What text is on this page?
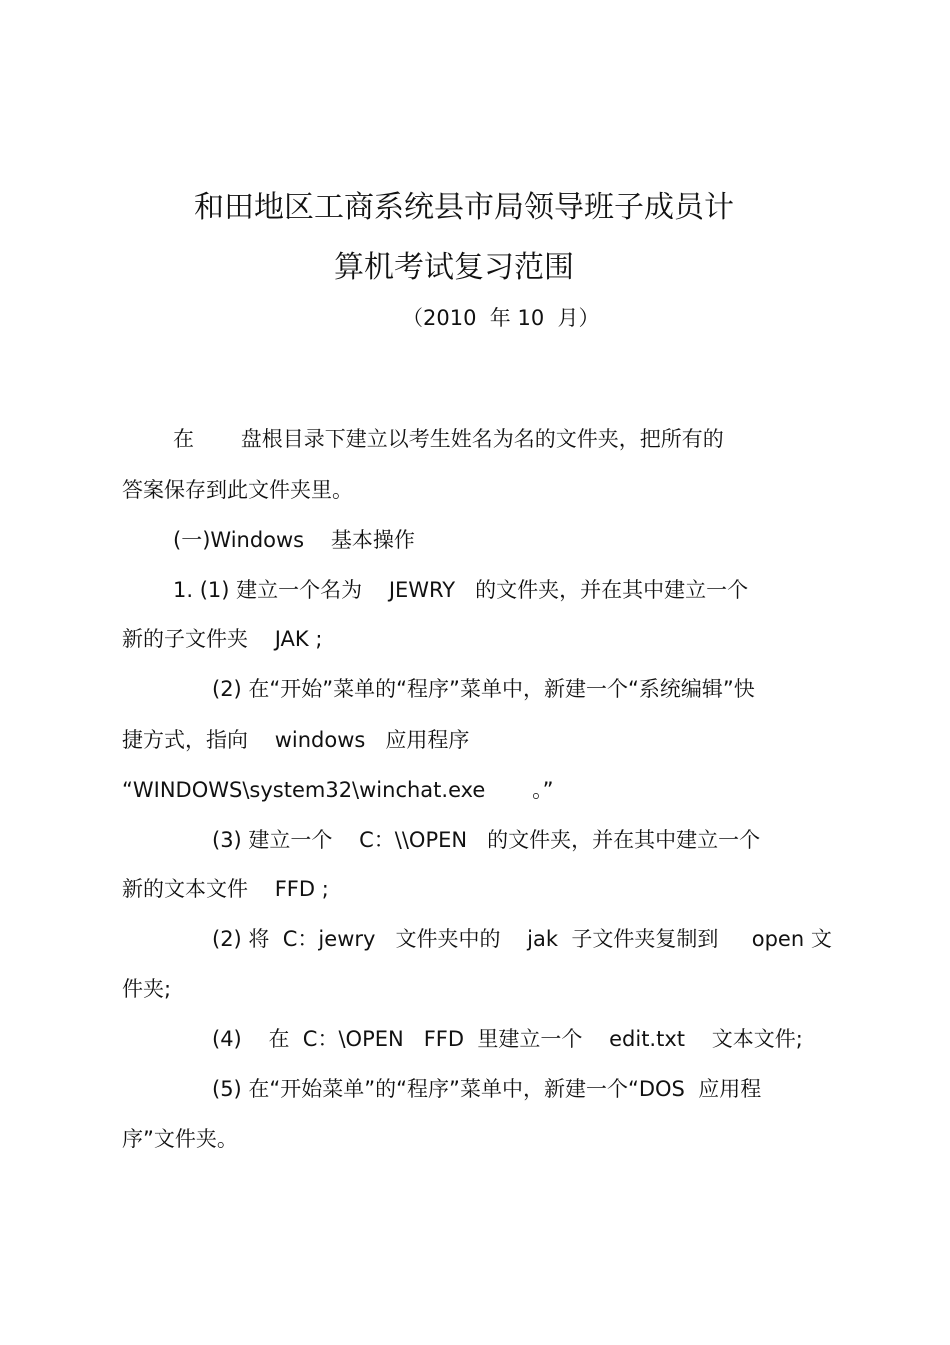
和田地区工商系统县市局领导班子成员计
算机考试复习范围
（2010  年 10  月）
在       盘根目录下建立以考生姓名为名的文件夹，把所有的
答案保存到此文件夹里。
(一)Windows    基本操作
1. (1) 建立一个名为    JEWRY   的文件夹，并在其中建立一个
新的子文件夹    JAK ;
(2) 在“开始”菜单的“程序”菜单中，新建一个“系统编辑”快
捷方式，指向    windows   应用程序
“WINDOWS\system32\winchat.exe       。”
(3) 建立一个    C：\\OPEN   的文件夹，并在其中建立一个
新的文本文件    FFD ;
(2) 将  C：jewry   文件夹中的    jak  子文件夹复制到     open 文
件夹;
(4)    在  C：\OPEN   FFD  里建立一个    edit.txt    文本文件;
(5) 在“开始菜单”的“程序”菜单中，新建一个“DOS  应用程
序”文件夹。
